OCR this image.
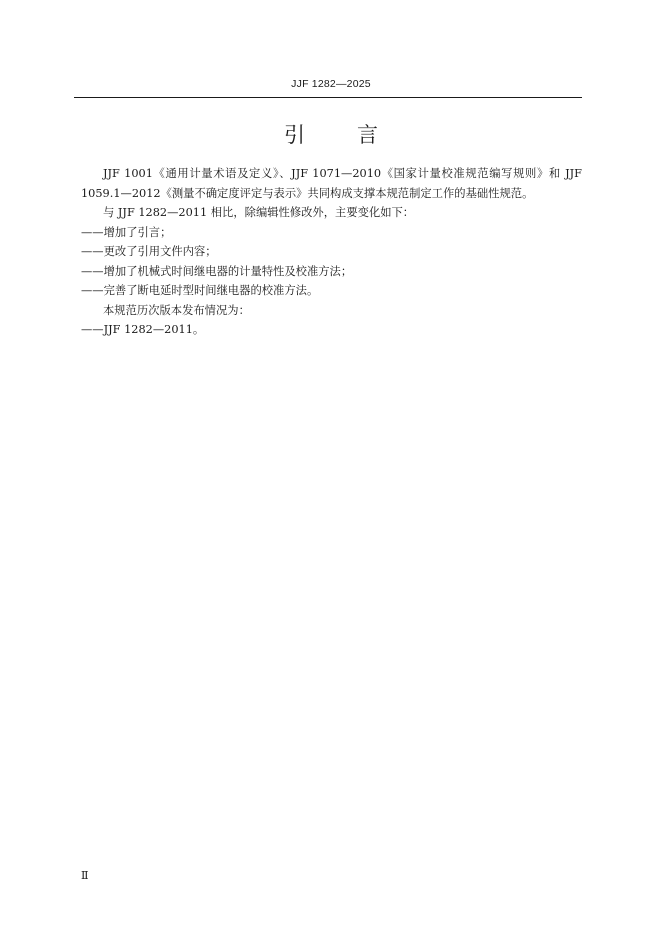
JJF 1282—2025
引言

JJF 1001《通用计量术语及定义》、JJF 1071—2010《国家计量校准规范编写规则》和 JJF 1059.1—2012《测量不确定度评定与表示》共同构成支撑本规范制定工作的基础性规范。

与 JJF 1282—2011 相比，除编辑性修改外，主要变化如下：

——增加了引言；

——更改了引用文件内容；

——增加了机械式时间继电器的计量特性及校准方法；

——完善了断电延时型时间继电器的校准方法。

本规范历次版本发布情况为：

——JJF 1282—2011。

Ⅱ
